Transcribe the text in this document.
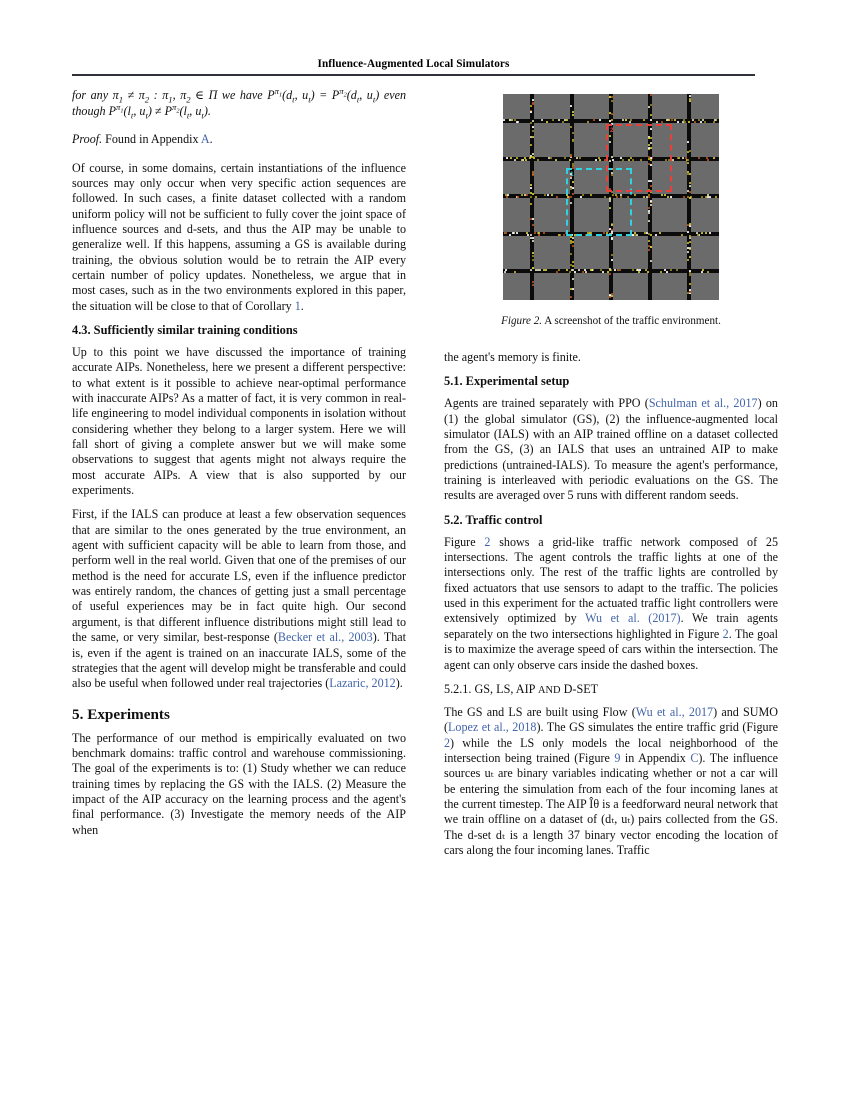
Influence-Augmented Local Simulators
for any $\pi_1 \ne \pi_2$ : $\pi_1$, $\pi_2$ ∈ Π we have $P^{\pi_1}(d_t$, $u_t) = P^{\pi_2}(d_t$, $u_t$) even though $P^{\pi_1}(l_t$, $u_t) \ne P^{\pi_2}(l_t$, $u_t$).
Proof. Found in Appendix A.

Of course, in some domains, certain instantiations of the influence sources may only occur when very specific action sequences are followed. In such cases, a finite dataset collected with a random uniform policy will not be sufficient to fully cover the joint space of influence sources and d-sets, and thus the AIP may be unable to generalize well. If this happens, assuming a GS is available during training, the obvious solution would be to retrain the AIP every certain number of policy updates. Nonetheless, we argue that in most cases, such as in the two environments explored in this paper, the situation will be close to that of Corollary 1.

4.3. Sufficiently similar training conditions

Up to this point we have discussed the importance of training accurate AIPs. Nonetheless, here we present a different perspective: to what extent is it possible to achieve near-optimal performance with inaccurate AIPs? As a matter of fact, it is very common in real-life engineering to model individual components in isolation without considering whether they belong to a larger system. Here we will fall short of giving a complete answer but we will make some observations to suggest that agents might not always require the most accurate AIPs. A view that is also supported by our experiments.

First, if the IALS can produce at least a few observation sequences that are similar to the ones generated by the true environment, an agent with sufficient capacity will be able to learn from those, and perform well in the real world. Given that one of the premises of our method is the need for accurate LS, even if the influence predictor was entirely random, the chances of getting just a small percentage of useful experiences may be in fact quite high. Our second argument, is that different influence distributions might still lead to the same, or very similar, best-response (Becker et al., 2003). That is, even if the agent is trained on an inaccurate IALS, some of the strategies that the agent will develop might be transferable and could also be useful when followed under real trajectories (Lazaric, 2012).

5. Experiments

The performance of our method is empirically evaluated on two benchmark domains: traffic control and warehouse commissioning. The goal of the experiments is to: (1) Study whether we can reduce training times by replacing the GS with the IALS. (2) Measure the impact of the AIP accuracy on the learning process and the agent's final performance. (3) Investigate the memory needs of the AIP when

1
2
Figure 2. A screenshot of the traffic environment.

the agent's memory is finite.

5.1. Experimental setup

Agents are trained separately with PPO (Schulman et al., 2017) on (1) the global simulator (GS), (2) the influence-augmented local simulator (IALS) with an AIP trained offline on a dataset collected from the GS, (3) an IALS that uses an untrained AIP to make predictions (untrained-IALS). To measure the agent's performance, training is interleaved with periodic evaluations on the GS. The results are averaged over 5 runs with different random seeds.

5.2. Traffic control

Figure 2 shows a grid-like traffic network composed of 25 intersections. The agent controls the traffic lights at one of the intersections only. The rest of the traffic lights are controlled by fixed actuators that use sensors to adapt to the traffic. The policies used in this experiment for the actuated traffic light controllers were extensively optimized by Wu et al. (2017). We train agents separately on the two intersections highlighted in Figure 2. The goal is to maximize the average speed of cars within the intersection. The agent can only observe cars inside the dashed boxes.

5.2.1. GS, LS, AIP AND D-SET

The GS and LS are built using Flow (Wu et al., 2017) and SUMO (Lopez et al., 2018). The GS simulates the entire traffic grid (Figure 2) while the LS only models the local neighborhood of the intersection being trained (Figure 9 in Appendix C). The influence sources uₜ are binary variables indicating whether or not a car will be entering the simulation from each of the four incoming lanes at the current timestep. The AIP Îθ is a feedforward neural network that we train offline on a dataset of (dₜ, uₜ) pairs collected from the GS. The d-set dₜ is a length 37 binary vector encoding the location of cars along the four incoming lanes. Traffic
